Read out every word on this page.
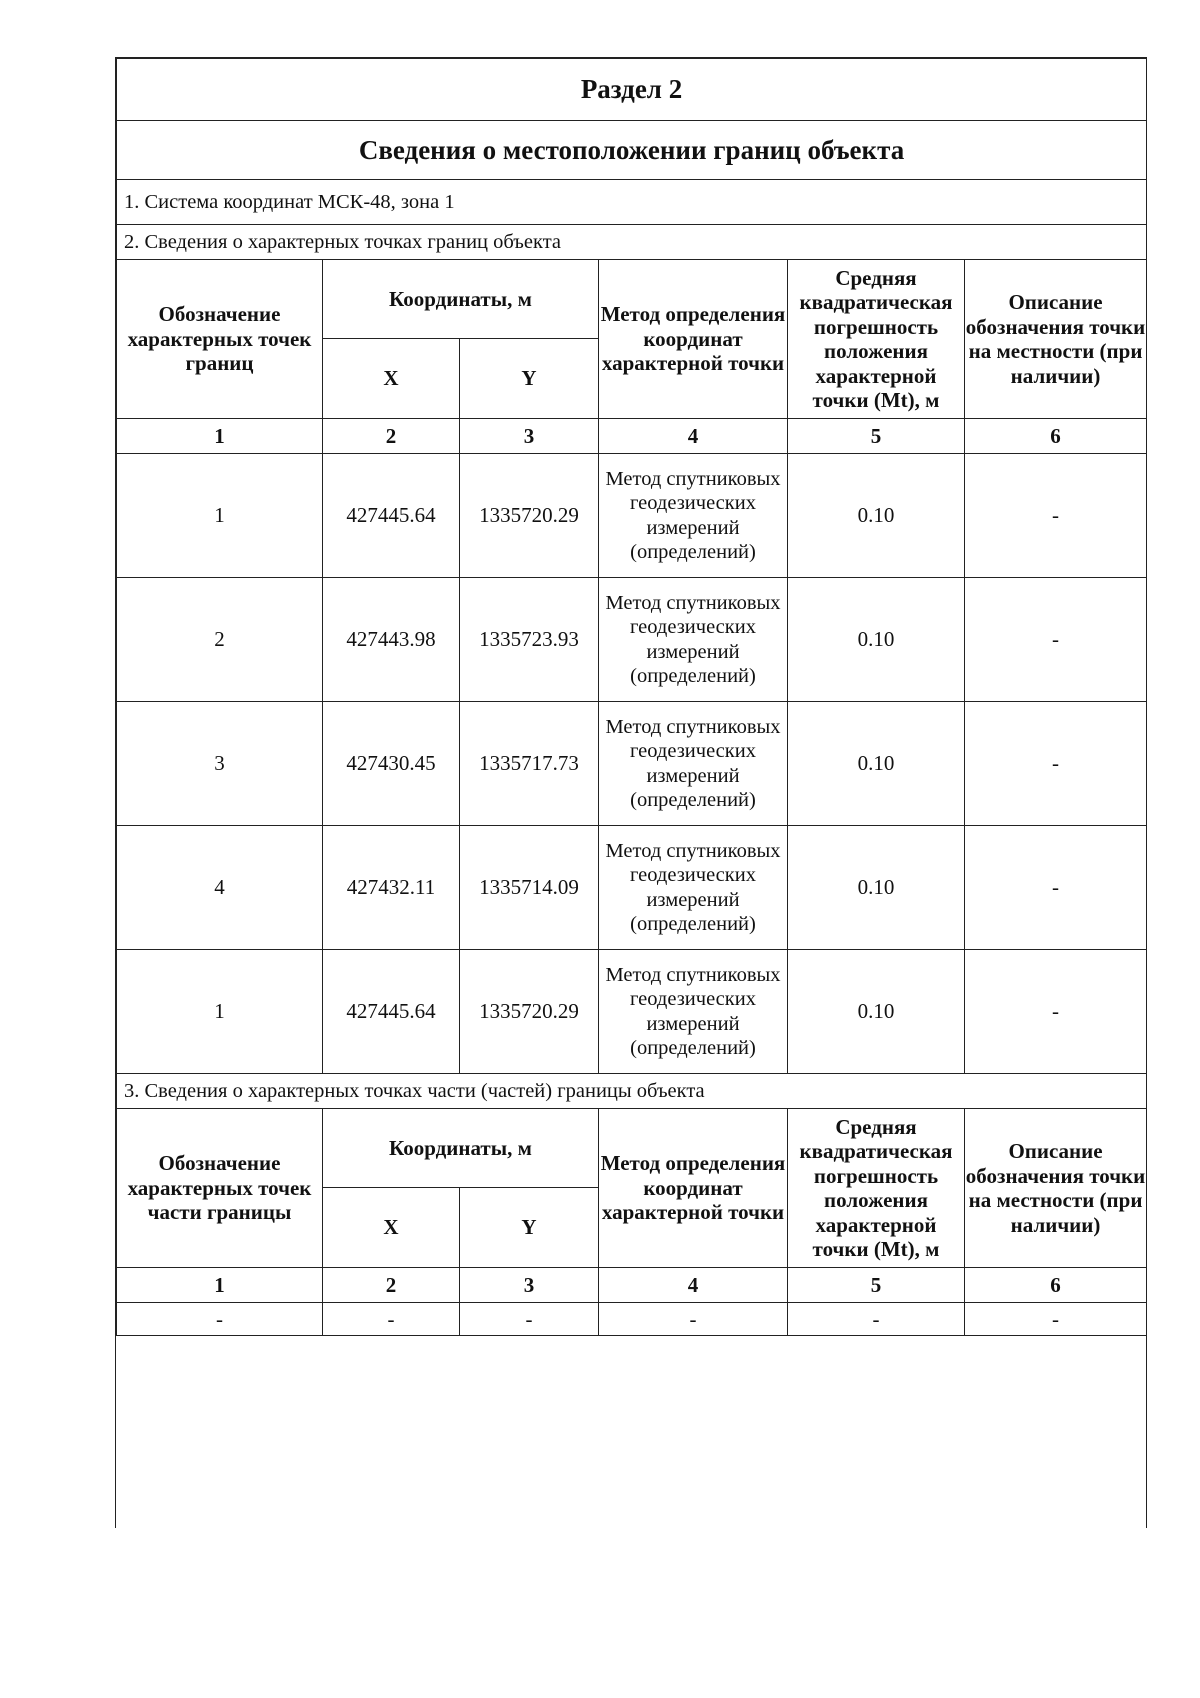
Раздел 2					
Сведения о местоположении границ объекта					
1. Система координат МСК-48, зона 1					
2. Сведения о характерных точках границ объекта					
Обозначение характерных точек границ	Координаты, м		Метод определения координат характерной точки	Средняя квадратическая погрешность положения характерной точки (Mt), м	Описание обозначения точки на местности (при наличии)
	X	Y			
1	2	3	4	5	6
1	427445.64	1335720.29	Метод спутниковых геодезических измерений (определений)	0.10	-
2	427443.98	1335723.93	Метод спутниковых геодезических измерений (определений)	0.10	-
3	427430.45	1335717.73	Метод спутниковых геодезических измерений (определений)	0.10	-
4	427432.11	1335714.09	Метод спутниковых геодезических измерений (определений)	0.10	-
1	427445.64	1335720.29	Метод спутниковых геодезических измерений (определений)	0.10	-
3. Сведения о характерных точках части (частей) границы объекта					
Обозначение характерных точек части границы	Координаты, м		Метод определения координат характерной точки	Средняя квадратическая погрешность положения характерной точки (Mt), м	Описание обозначения точки на местности (при наличии)
	X	Y			
1	2	3	4	5	6
-	-	-	-	-	-
